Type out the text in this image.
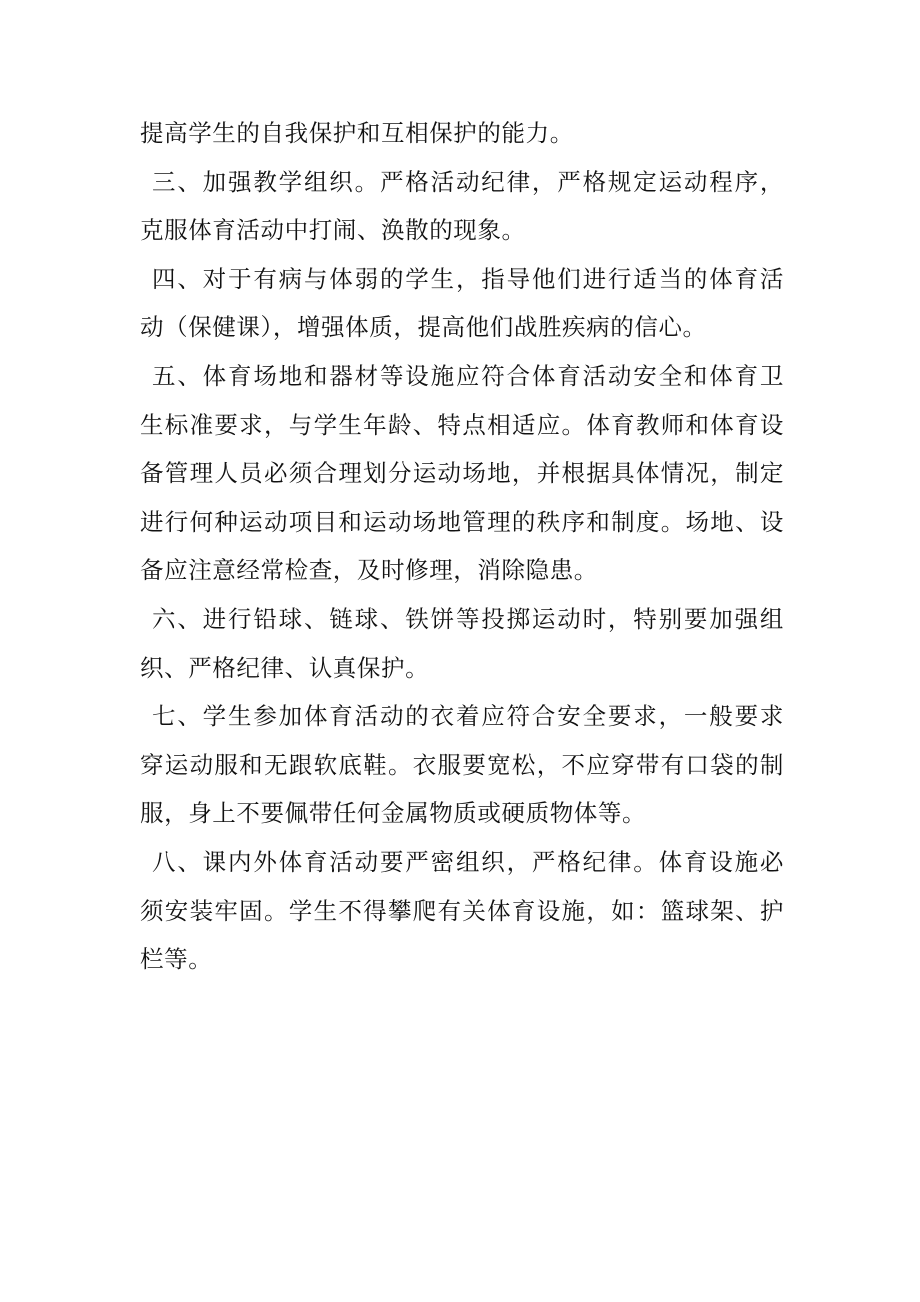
提高学生的自我保护和互相保护的能力。
三、加强教学组织。严格活动纪律，严格规定运动程序，
克服体育活动中打闹、涣散的现象。
四、对于有病与体弱的学生，指导他们进行适当的体育活
动（保健课），增强体质，提高他们战胜疾病的信心。
五、体育场地和器材等设施应符合体育活动安全和体育卫
生标准要求，与学生年龄、特点相适应。体育教师和体育设
备管理人员必须合理划分运动场地，并根据具体情况，制定
进行何种运动项目和运动场地管理的秩序和制度。场地、设
备应注意经常检查，及时修理，消除隐患。
六、进行铅球、链球、铁饼等投掷运动时，特别要加强组
织、严格纪律、认真保护。
七、学生参加体育活动的衣着应符合安全要求，一般要求
穿运动服和无跟软底鞋。衣服要宽松，不应穿带有口袋的制
服，身上不要佩带任何金属物质或硬质物体等。
八、课内外体育活动要严密组织，严格纪律。体育设施必
须安装牢固。学生不得攀爬有关体育设施，如：篮球架、护
栏等。
